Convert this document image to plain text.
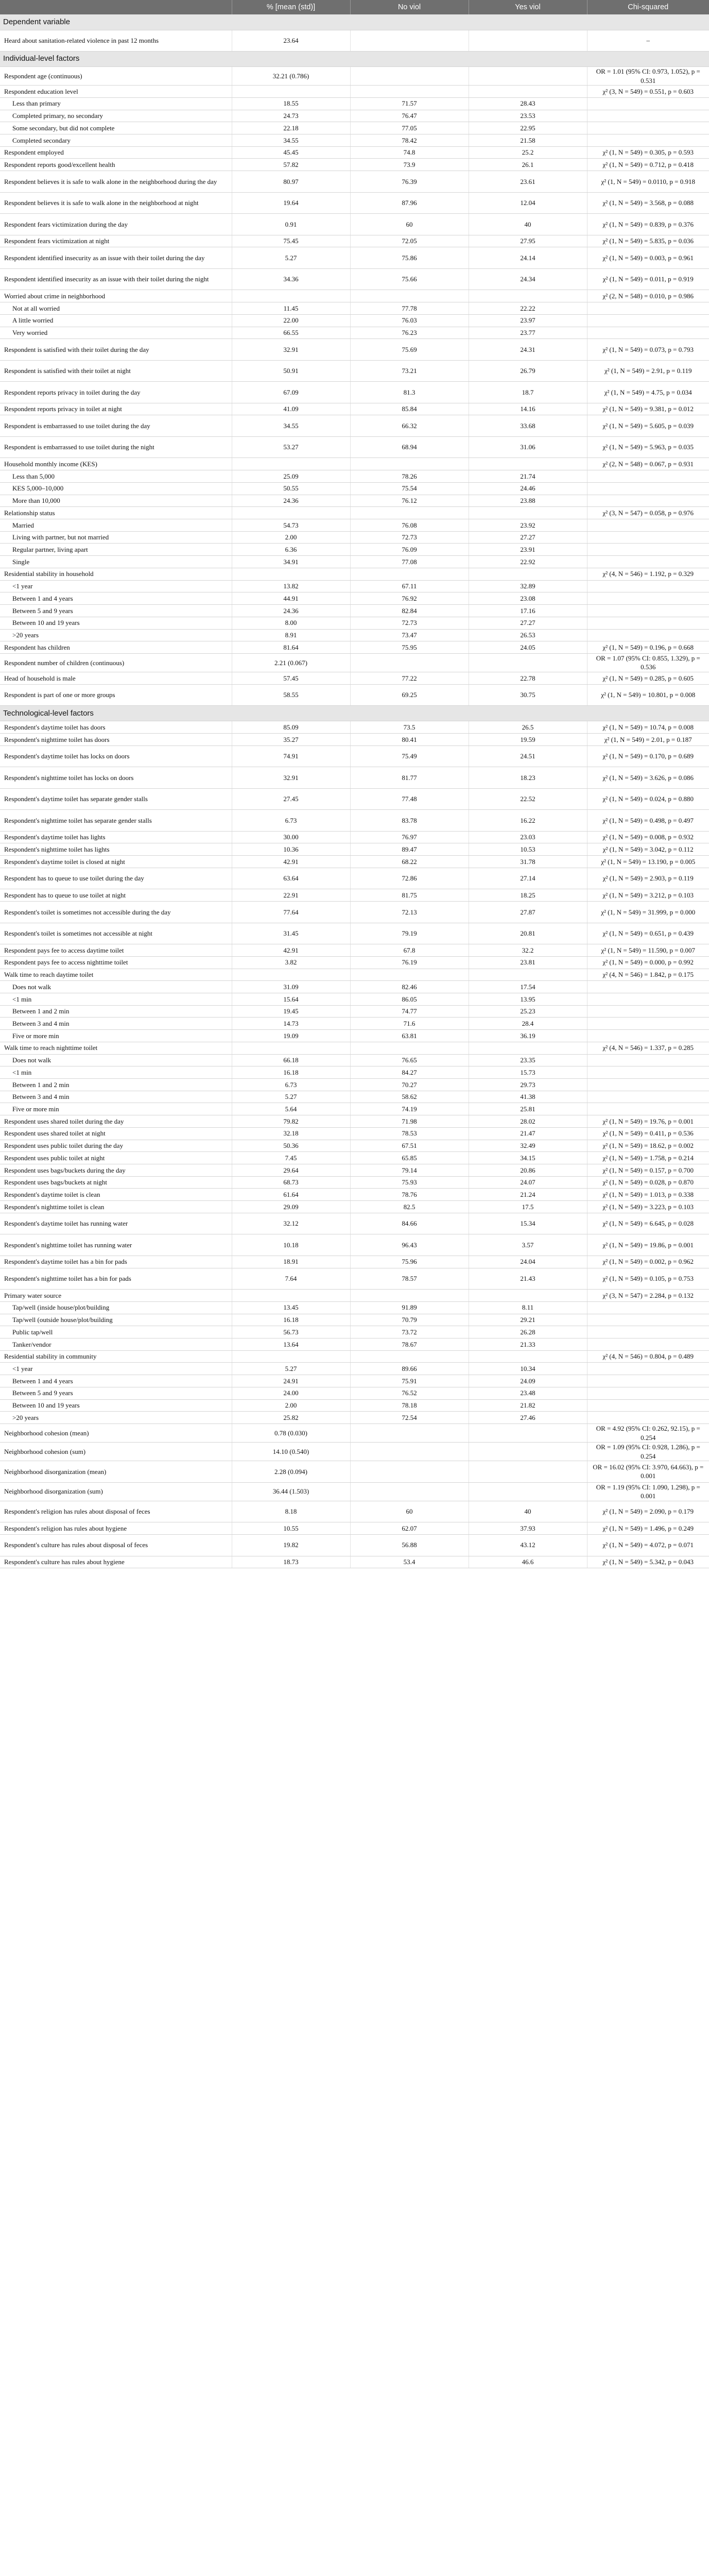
	% [mean (std)]	No viol	Yes viol	Chi-squared
Dependent variable				
Heard about sanitation-related violence in past 12 months	23.64			–
Individual-level factors				
Respondent age (continuous)	32.21 (0.786)			OR = 1.01 (95% CI: 0.973, 1.052), p = 0.531
Respondent education level				χ² (3, N = 549) = 0.551, p = 0.603
Less than primary	18.55	71.57	28.43	
Completed primary, no secondary	24.73	76.47	23.53	
Some secondary, but did not complete	22.18	77.05	22.95	
Completed secondary	34.55	78.42	21.58	
Respondent employed	45.45	74.8	25.2	χ² (1, N = 549) = 0.305, p = 0.593
Respondent reports good/excellent health	57.82	73.9	26.1	χ² (1, N = 549) = 0.712, p = 0.418
Respondent believes it is safe to walk alone in the neighborhood during the day	80.97	76.39	23.61	χ² (1, N = 549) = 0.0110, p = 0.918
Respondent believes it is safe to walk alone in the neighborhood at night	19.64	87.96	12.04	χ² (1, N = 549) = 3.568, p = 0.088
Respondent fears victimization during the day	0.91	60	40	χ² (1, N = 549) = 0.839, p = 0.376
Respondent fears victimization at night	75.45	72.05	27.95	χ² (1, N = 549) = 5.835, p = 0.036
Respondent identified insecurity as an issue with their toilet during the day	5.27	75.86	24.14	χ² (1, N = 549) = 0.003, p = 0.961
Respondent identified insecurity as an issue with their toilet during the night	34.36	75.66	24.34	χ² (1, N = 549) = 0.011, p = 0.919
Worried about crime in neighborhood				χ² (2, N = 548) = 0.010, p = 0.986
Not at all worried	11.45	77.78	22.22	
A little worried	22.00	76.03	23.97	
Very worried	66.55	76.23	23.77	
Respondent is satisfied with their toilet during the day	32.91	75.69	24.31	χ² (1, N = 549) = 0.073, p = 0.793
Respondent is satisfied with their toilet at night	50.91	73.21	26.79	χ² (1, N = 549) = 2.91, p = 0.119
Respondent reports privacy in toilet during the day	67.09	81.3	18.7	χ² (1, N = 549) = 4.75, p = 0.034
Respondent reports privacy in toilet at night	41.09	85.84	14.16	χ² (1, N = 549) = 9.381, p = 0.012
Respondent is embarrassed to use toilet during the day	34.55	66.32	33.68	χ² (1, N = 549) = 5.605, p = 0.039
Respondent is embarrassed to use toilet during the night	53.27	68.94	31.06	χ² (1, N = 549) = 5.963, p = 0.035
Household monthly income (KES)				χ² (2, N = 548) = 0.067, p = 0.931
Less than 5,000	25.09	78.26	21.74	
KES 5,000–10,000	50.55	75.54	24.46	
More than 10,000	24.36	76.12	23.88	
Relationship status				χ² (3, N = 547) = 0.058, p = 0.976
Married	54.73	76.08	23.92	
Living with partner, but not married	2.00	72.73	27.27	
Regular partner, living apart	6.36	76.09	23.91	
Single	34.91	77.08	22.92	
Residential stability in household				χ² (4, N = 546) = 1.192, p = 0.329
<1 year	13.82	67.11	32.89	
Between 1 and 4 years	44.91	76.92	23.08	
Between 5 and 9 years	24.36	82.84	17.16	
Between 10 and 19 years	8.00	72.73	27.27	
>20 years	8.91	73.47	26.53	
Respondent has children	81.64	75.95	24.05	χ² (1, N = 549) = 0.196, p = 0.668
Respondent number of children (continuous)	2.21 (0.067)			OR = 1.07 (95% CI: 0.855, 1.329), p = 0.536
Head of household is male	57.45	77.22	22.78	χ² (1, N = 549) = 0.285, p = 0.605
Respondent is part of one or more groups	58.55	69.25	30.75	χ² (1, N = 549) = 10.801, p = 0.008
Technological-level factors				
Respondent's daytime toilet has doors	85.09	73.5	26.5	χ² (1, N = 549) = 10.74, p = 0.008
Respondent's nighttime toilet has doors	35.27	80.41	19.59	χ² (1, N = 549) = 2.01, p = 0.187
Respondent's daytime toilet has locks on doors	74.91	75.49	24.51	χ² (1, N = 549) = 0.170, p = 0.689
Respondent's nighttime toilet has locks on doors	32.91	81.77	18.23	χ² (1, N = 549) = 3.626, p = 0.086
Respondent's daytime toilet has separate gender stalls	27.45	77.48	22.52	χ² (1, N = 549) = 0.024, p = 0.880
Respondent's nighttime toilet has separate gender stalls	6.73	83.78	16.22	χ² (1, N = 549) = 0.498, p = 0.497
Respondent's daytime toilet has lights	30.00	76.97	23.03	χ² (1, N = 549) = 0.008, p = 0.932
Respondent's nighttime toilet has lights	10.36	89.47	10.53	χ² (1, N = 549) = 3.042, p = 0.112
Respondent's daytime toilet is closed at night	42.91	68.22	31.78	χ² (1, N = 549) = 13.190, p = 0.005
Respondent has to queue to use toilet during the day	63.64	72.86	27.14	χ² (1, N = 549) = 2.903, p = 0.119
Respondent has to queue to use toilet at night	22.91	81.75	18.25	χ² (1, N = 549) = 3.212, p = 0.103
Respondent's toilet is sometimes not accessible during the day	77.64	72.13	27.87	χ² (1, N = 549) = 31.999, p = 0.000
Respondent's toilet is sometimes not accessible at night	31.45	79.19	20.81	χ² (1, N = 549) = 0.651, p = 0.439
Respondent pays fee to access daytime toilet	42.91	67.8	32.2	χ² (1, N = 549) = 11.590, p = 0.007
Respondent pays fee to access nighttime toilet	3.82	76.19	23.81	χ² (1, N = 549) = 0.000, p = 0.992
Walk time to reach daytime toilet				χ² (4, N = 546) = 1.842, p = 0.175
Does not walk	31.09	82.46	17.54	
<1 min	15.64	86.05	13.95	
Between 1 and 2 min	19.45	74.77	25.23	
Between 3 and 4 min	14.73	71.6	28.4	
Five or more min	19.09	63.81	36.19	
Walk time to reach nighttime toilet				χ² (4, N = 546) = 1.337, p = 0.285
Does not walk	66.18	76.65	23.35	
<1 min	16.18	84.27	15.73	
Between 1 and 2 min	6.73	70.27	29.73	
Between 3 and 4 min	5.27	58.62	41.38	
Five or more min	5.64	74.19	25.81	
Respondent uses shared toilet during the day	79.82	71.98	28.02	χ² (1, N = 549) = 19.76, p = 0.001
Respondent uses shared toilet at night	32.18	78.53	21.47	χ² (1, N = 549) = 0.411, p = 0.536
Respondent uses public toilet during the day	50.36	67.51	32.49	χ² (1, N = 549) = 18.62, p = 0.002
Respondent uses public toilet at night	7.45	65.85	34.15	χ² (1, N = 549) = 1.758, p = 0.214
Respondent uses bags/buckets during the day	29.64	79.14	20.86	χ² (1, N = 549) = 0.157, p = 0.700
Respondent uses bags/buckets at night	68.73	75.93	24.07	χ² (1, N = 549) = 0.028, p = 0.870
Respondent's daytime toilet is clean	61.64	78.76	21.24	χ² (1, N = 549) = 1.013, p = 0.338
Respondent's nighttime toilet is clean	29.09	82.5	17.5	χ² (1, N = 549) = 3.223, p = 0.103
Respondent's daytime toilet has running water	32.12	84.66	15.34	χ² (1, N = 549) = 6.645, p = 0.028
Respondent's nighttime toilet has running water	10.18	96.43	3.57	χ² (1, N = 549) = 19.86, p = 0.001
Respondent's daytime toilet has a bin for pads	18.91	75.96	24.04	χ² (1, N = 549) = 0.002, p = 0.962
Respondent's nighttime toilet has a bin for pads	7.64	78.57	21.43	χ² (1, N = 549) = 0.105, p = 0.753
Primary water source				χ² (3, N = 547) = 2.284, p = 0.132
Tap/well (inside house/plot/building	13.45	91.89	8.11	
Tap/well (outside house/plot/building	16.18	70.79	29.21	
Public tap/well	56.73	73.72	26.28	
Tanker/vendor	13.64	78.67	21.33	
Residential stability in community				χ² (4, N = 546) = 0.804, p = 0.489
<1 year	5.27	89.66	10.34	
Between 1 and 4 years	24.91	75.91	24.09	
Between 5 and 9 years	24.00	76.52	23.48	
Between 10 and 19 years	2.00	78.18	21.82	
>20 years	25.82	72.54	27.46	
Neighborhood cohesion (mean)	0.78 (0.030)			OR = 4.92 (95% CI: 0.262, 92.15), p = 0.254
Neighborhood cohesion (sum)	14.10 (0.540)			OR = 1.09 (95% CI: 0.928, 1.286), p = 0.254
Neighborhood disorganization (mean)	2.28 (0.094)			OR = 16.02 (95% CI: 3.970, 64.663), p = 0.001
Neighborhood disorganization (sum)	36.44 (1.503)			OR = 1.19 (95% CI: 1.090, 1.298), p = 0.001
Respondent's religion has rules about disposal of feces	8.18	60	40	χ² (1, N = 549) = 2.090, p = 0.179
Respondent's religion has rules about hygiene	10.55	62.07	37.93	χ² (1, N = 549) = 1.496, p = 0.249
Respondent's culture has rules about disposal of feces	19.82	56.88	43.12	χ² (1, N = 549) = 4.072, p = 0.071
Respondent's culture has rules about hygiene	18.73	53.4	46.6	χ² (1, N = 549) = 5.342, p = 0.043
